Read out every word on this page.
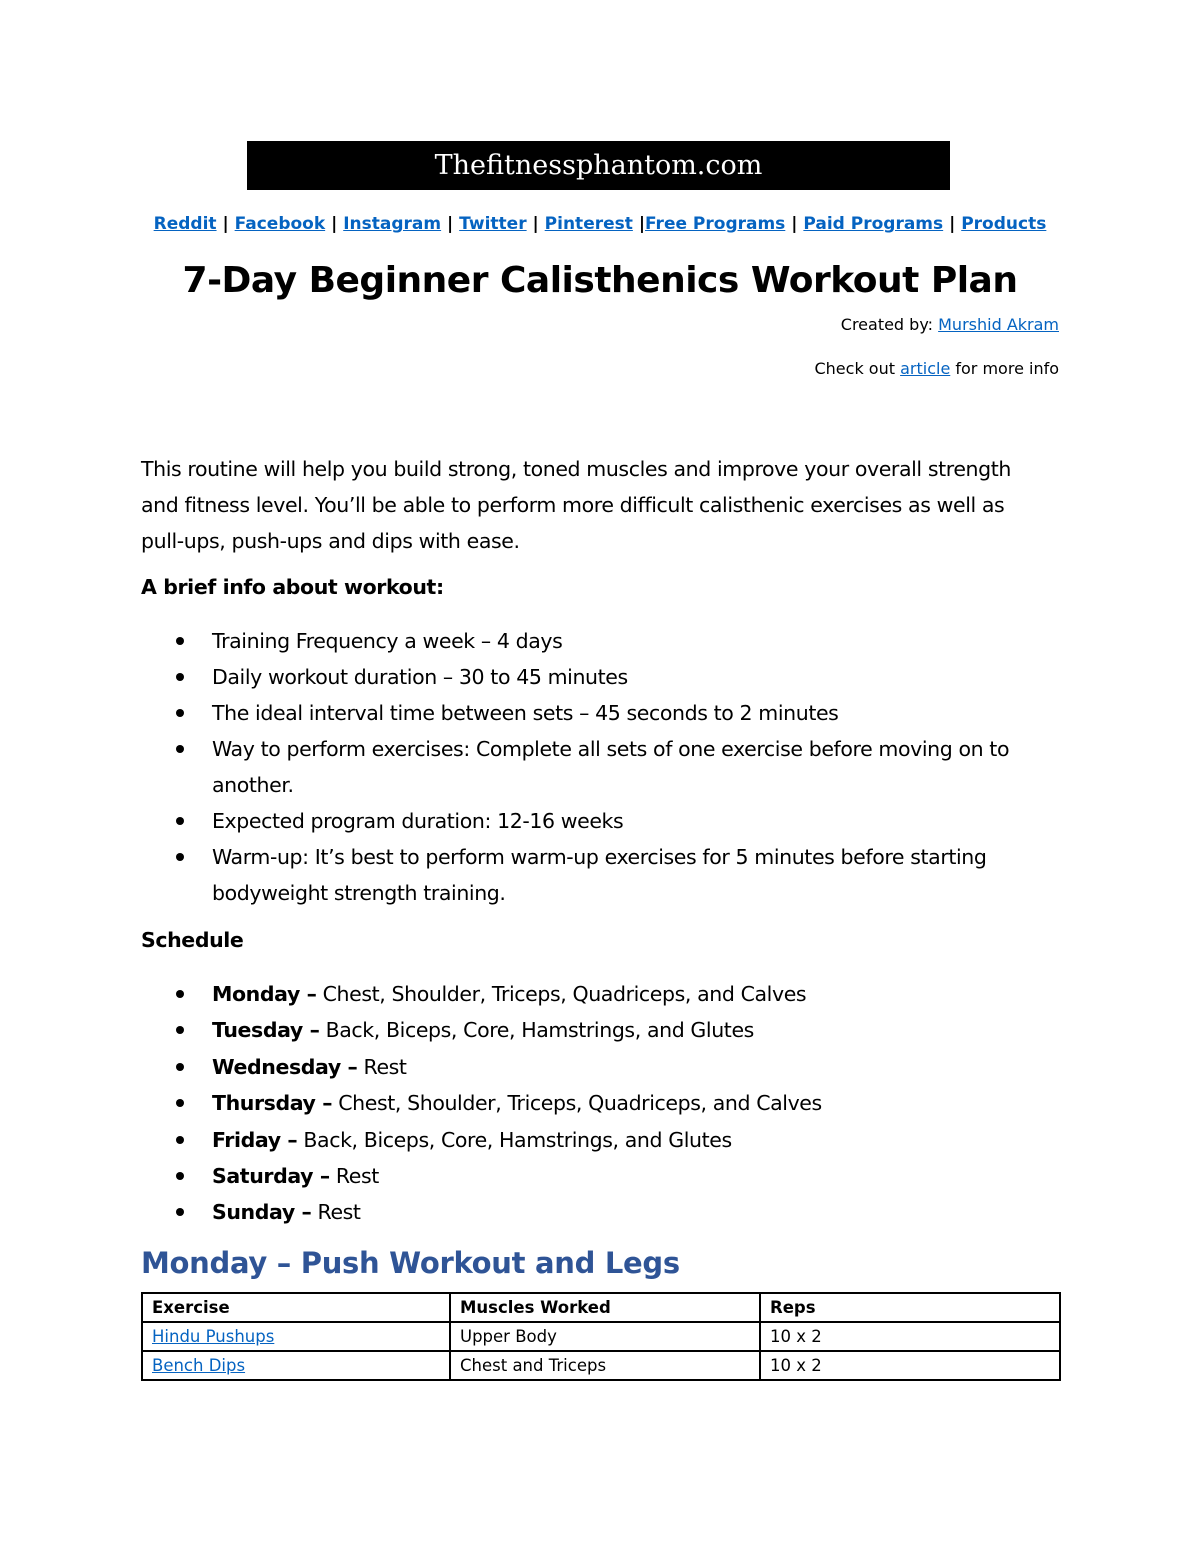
Thefitnessphantom.com
Reddit | Facebook | Instagram | Twitter | Pinterest |Free Programs | Paid Programs | Products
7-Day Beginner Calisthenics Workout Plan
Created by: Murshid Akram
Check out article for more info

This routine will help you build strong, toned muscles and improve your overall strength and fitness level. You’ll be able to perform more difficult calisthenic exercises as well as pull-ups, push-ups and dips with ease.

A brief info about workout:

Training Frequency a week – 4 days
Daily workout duration – 30 to 45 minutes
The ideal interval time between sets – 45 seconds to 2 minutes
Way to perform exercises: Complete all sets of one exercise before moving on to another.
Expected program duration: 12-16 weeks
Warm-up: It’s best to perform warm-up exercises for 5 minutes before starting bodyweight strength training.

Schedule

Monday – Chest, Shoulder, Triceps, Quadriceps, and Calves
Tuesday – Back, Biceps, Core, Hamstrings, and Glutes
Wednesday – Rest
Thursday – Chest, Shoulder, Triceps, Quadriceps, and Calves
Friday – Back, Biceps, Core, Hamstrings, and Glutes
Saturday – Rest
Sunday – Rest
Monday – Push Workout and Legs
Exercise	Muscles Worked	Reps
Hindu Pushups	Upper Body	10 x 2
Bench Dips	Chest and Triceps	10 x 2
